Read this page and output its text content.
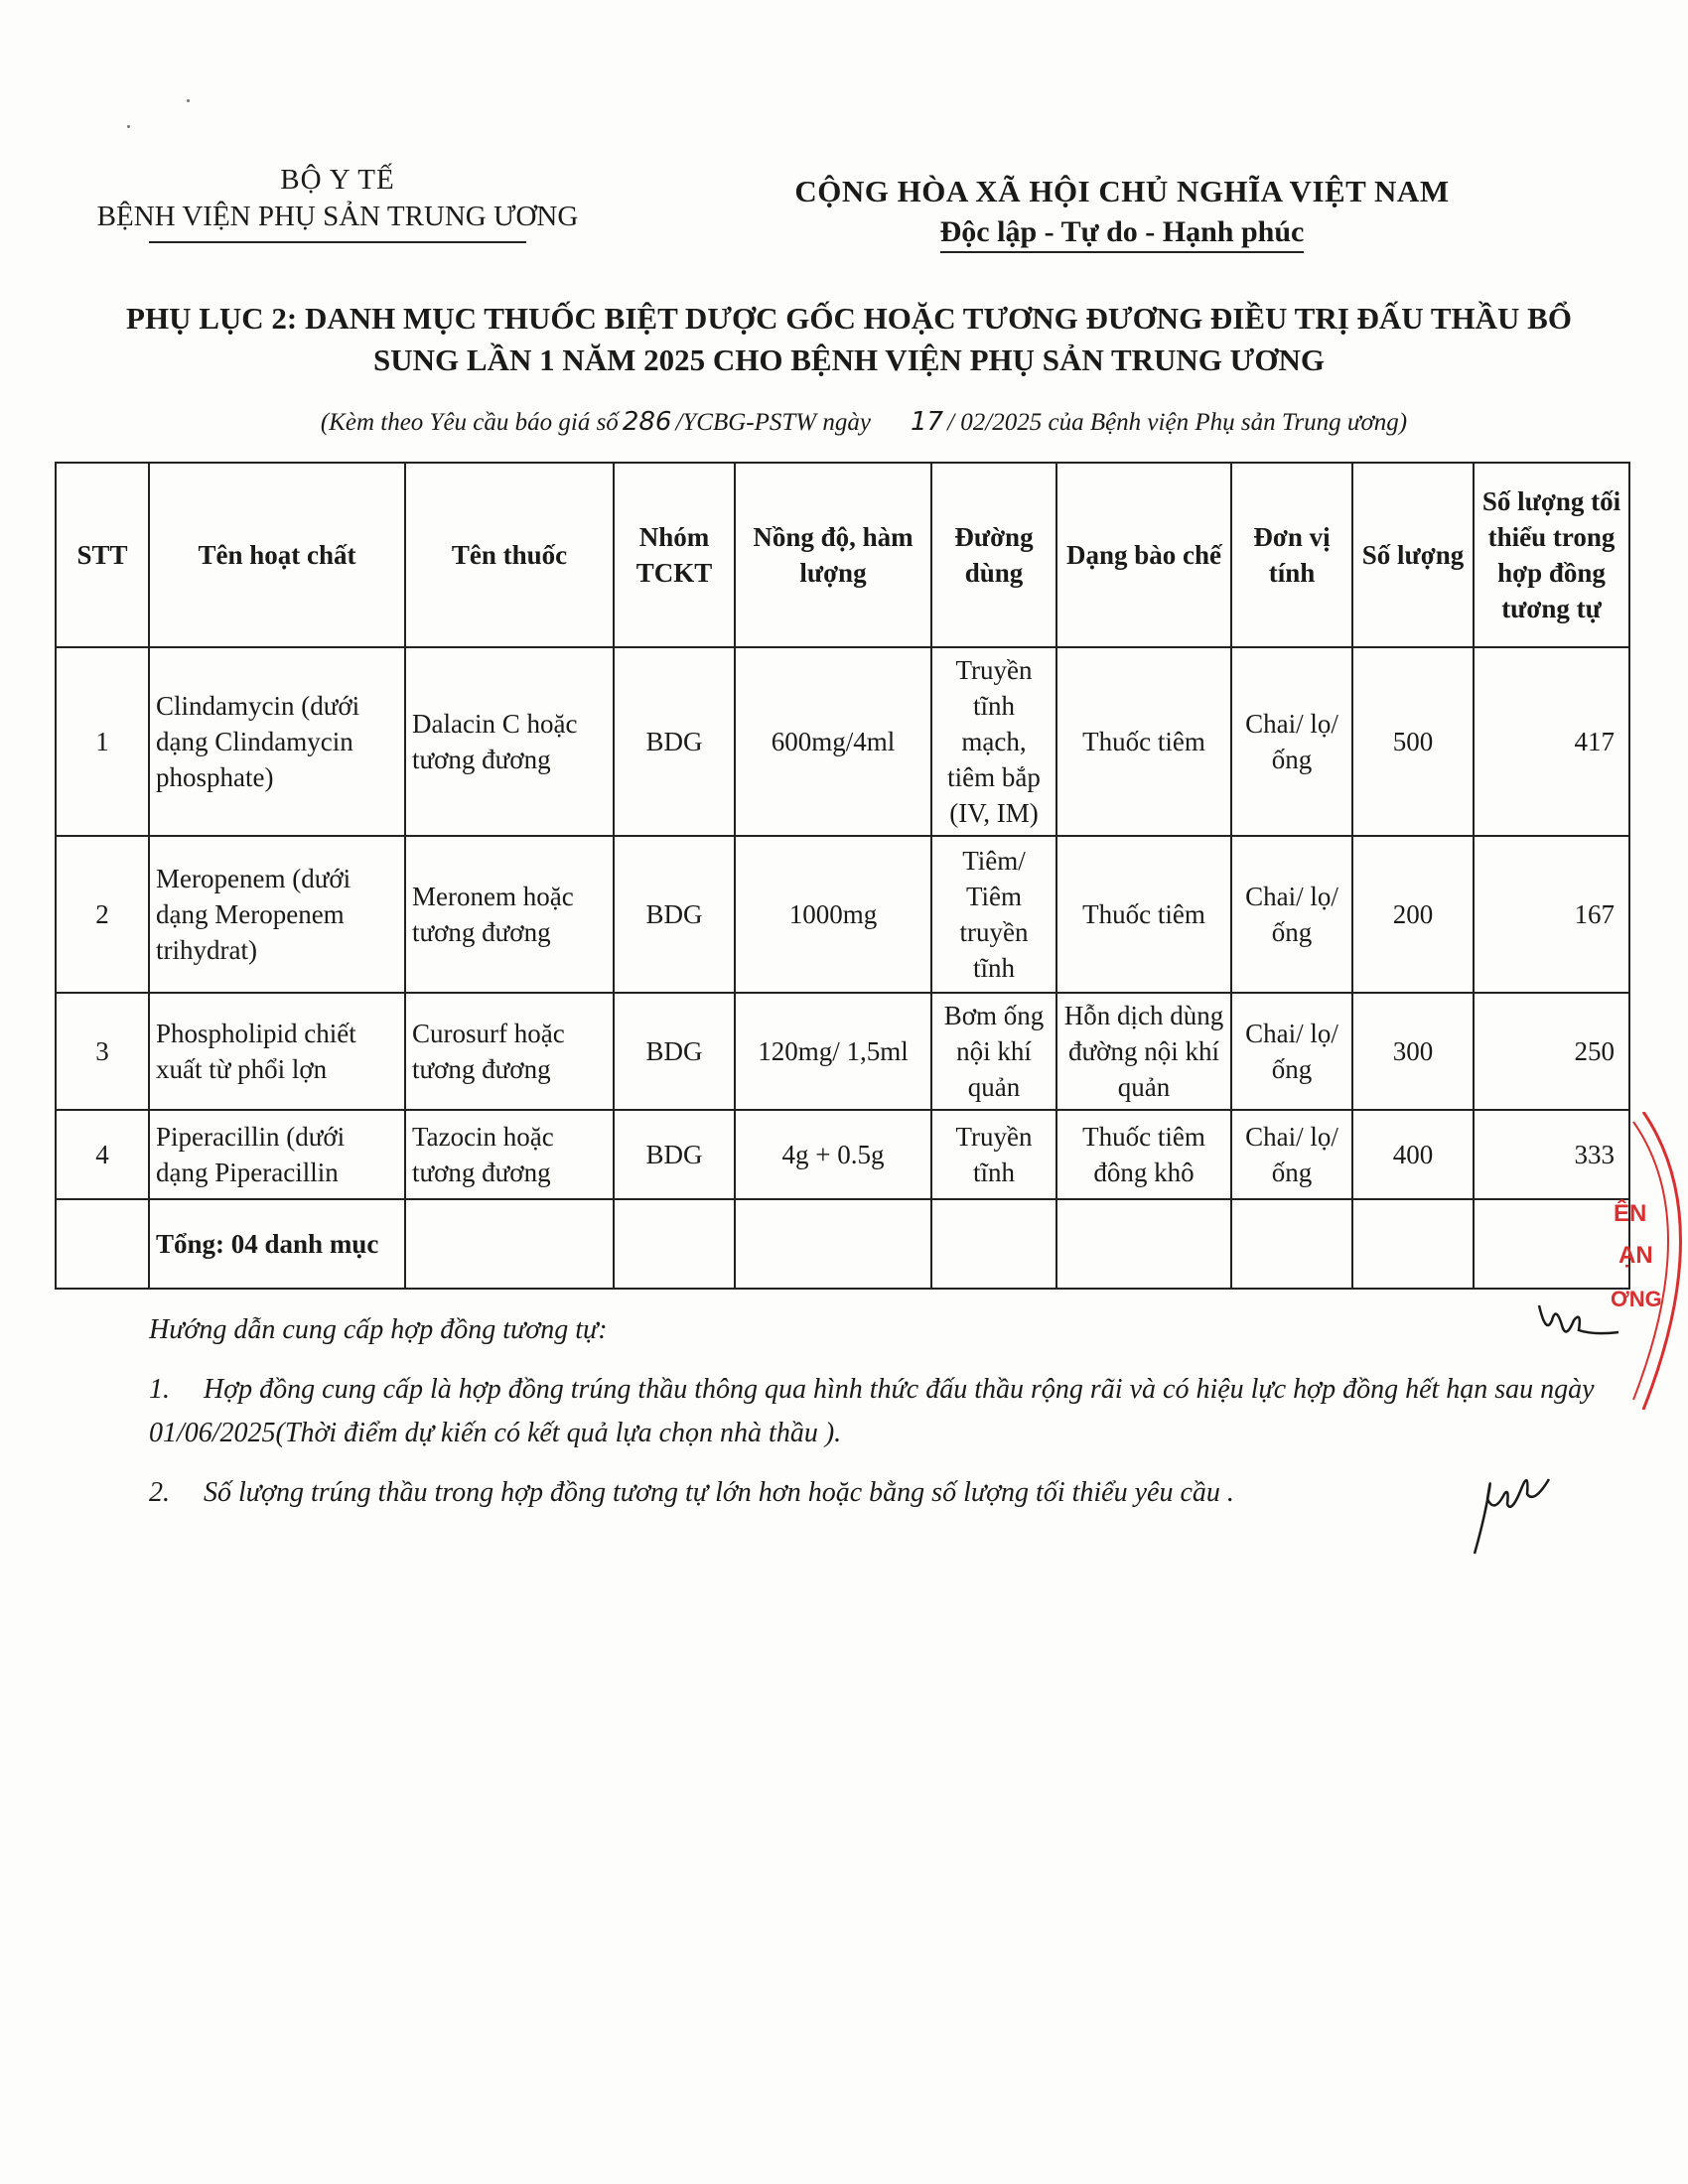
BỘ Y TẾ
BỆNH VIỆN PHỤ SẢN TRUNG ƯƠNG
CỘNG HÒA XÃ HỘI CHỦ NGHĨA VIỆT NAM
Độc lập - Tự do - Hạnh phúc
PHỤ LỤC 2: DANH MỤC THUỐC BIỆT DƯỢC GỐC HOẶC TƯƠNG ĐƯƠNG ĐIỀU TRỊ ĐẤU THẦU BỔ
SUNG LẦN 1 NĂM 2025 CHO BỆNH VIỆN PHỤ SẢN TRUNG ƯƠNG
(Kèm theo Yêu cầu báo giá số 286 /YCBG-PSTW ngày 17 / 02/2025 của Bệnh viện Phụ sản Trung ương)
STT	Tên hoạt chất	Tên thuốc	Nhóm TCKT	Nồng độ, hàm lượng	Đường dùng	Dạng bào chế	Đơn vị tính	Số lượng	Số lượng tối thiểu trong hợp đồng tương tự
1	Clindamycin (dưới dạng Clindamycin phosphate)	Dalacin C hoặc tương đương	BDG	600mg/4ml	Truyền tĩnh mạch, tiêm bắp (IV, IM)	Thuốc tiêm	Chai/ lọ/ ống	500	417
2	Meropenem (dưới dạng Meropenem trihydrat)	Meronem hoặc tương đương	BDG	1000mg	Tiêm/ Tiêm truyền tĩnh	Thuốc tiêm	Chai/ lọ/ ống	200	167
3	Phospholipid chiết xuất từ phổi lợn	Curosurf hoặc tương đương	BDG	120mg/ 1,5ml	Bơm ống nội khí quản	Hỗn dịch dùng đường nội khí quản	Chai/ lọ/ ống	300	250
4	Piperacillin (dưới dạng Piperacillin	Tazocin hoặc tương đương	BDG	4g + 0.5g	Truyền tĩnh	Thuốc tiêm đông khô	Chai/ lọ/ ống	400	333
	Tổng: 04 danh mục								

Hướng dẫn cung cấp hợp đồng tương tự:

1. Hợp đồng cung cấp là hợp đồng trúng thầu thông qua hình thức đấu thầu rộng rãi và có hiệu lực hợp đồng hết hạn sau ngày 01/06/2025(Thời điểm dự kiến có kết quả lựa chọn nhà thầu ).

2. Số lượng trúng thầu trong hợp đồng tương tự lớn hơn hoặc bằng số lượng tối thiểu yêu cầu .

ÊN
ẠN
ƠNG
